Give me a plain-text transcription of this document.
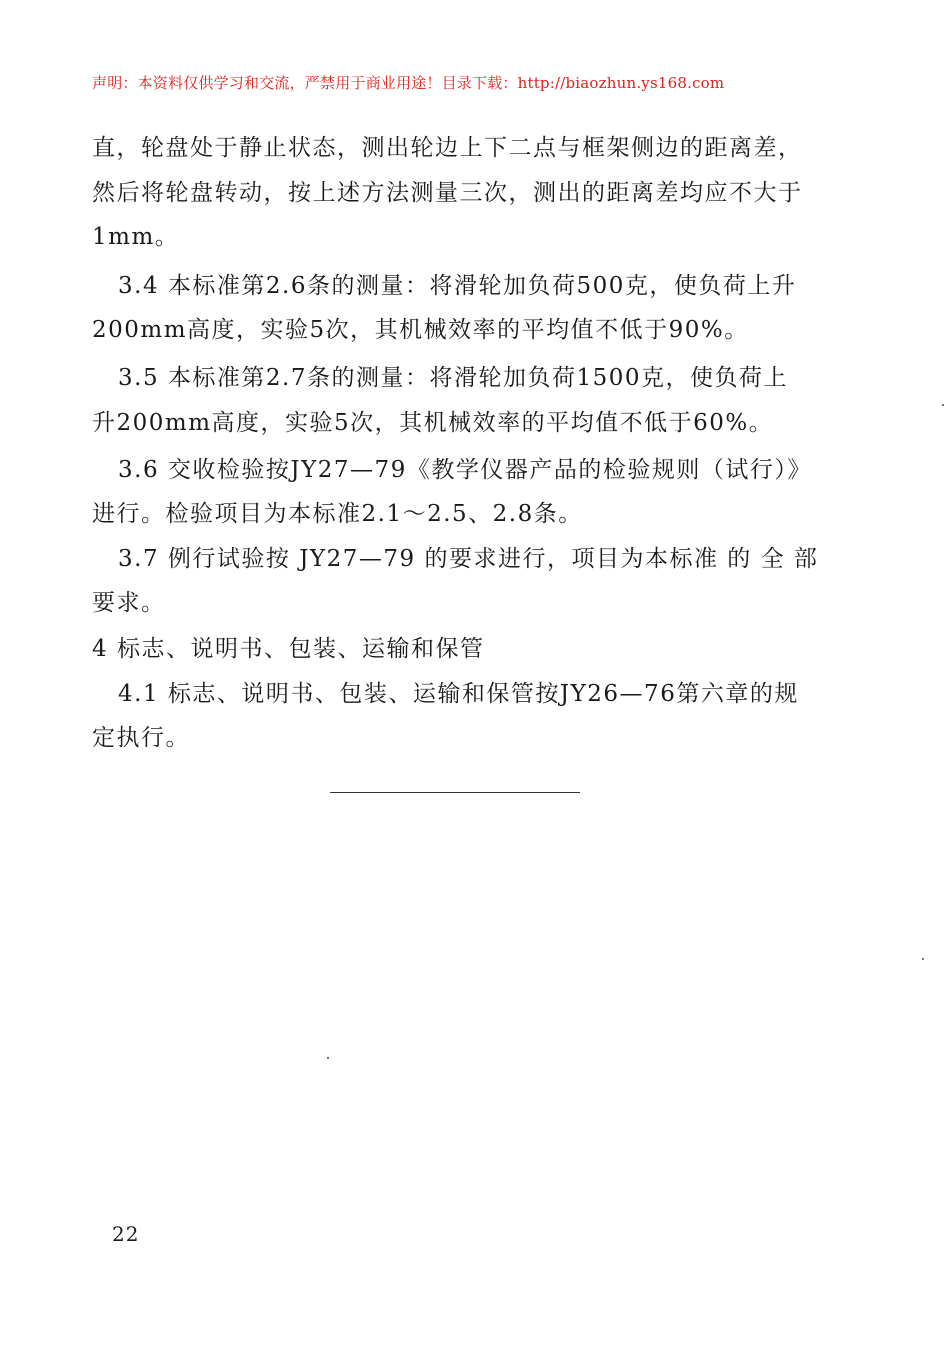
声明：本资料仅供学习和交流，严禁用于商业用途！目录下载：http://biaozhun.ys168.com
直，轮盘处于静止状态，测出轮边上下二点与框架侧边的距离差，
然后将轮盘转动，按上述方法测量三次，测出的距离差均应不大于
1mm。
3.4 本标准第2.6条的测量：将滑轮加负荷500克，使负荷上升
200mm高度，实验5次，其机械效率的平均值不低于90%。
3.5 本标准第2.7条的测量：将滑轮加负荷1500克，使负荷上
升200mm高度，实验5次，其机械效率的平均值不低于60%。
3.6 交收检验按JY27—79《教学仪器产品的检验规则（试行）》
进行。检验项目为本标准2.1～2.5、2.8条。
3.7 例行试验按 JY27—79 的要求进行，项目为本标准 的 全 部
要求。
4 标志、说明书、包装、运输和保管
4.1 标志、说明书、包装、运输和保管按JY26—76第六章的规
定执行。
22
